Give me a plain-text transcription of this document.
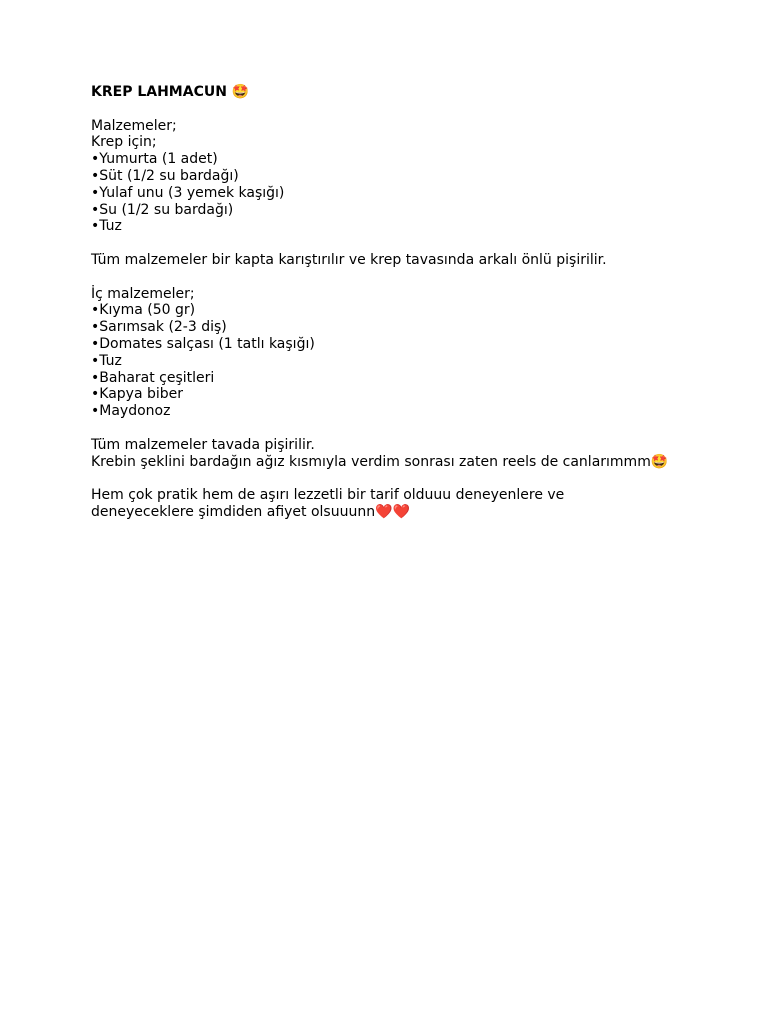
KREP LAHMACUN 🤩
Malzemeler;
Krep için;
•Yumurta (1 adet)
•Süt (1/2 su bardağı)
•Yulaf unu (3 yemek kaşığı)
•Su (1/2 su bardağı)
•Tuz
Tüm malzemeler bir kapta karıştırılır ve krep tavasında arkalı önlü pişirilir.
İç malzemeler;
•Kıyma (50 gr)
•Sarımsak (2-3 diş)
•Domates salçası (1 tatlı kaşığı)
•Tuz
•Baharat çeşitleri
•Kapya biber
•Maydonoz
Tüm malzemeler tavada pişirilir.
Krebin şeklini bardağın ağız kısmıyla verdim sonrası zaten reels de canlarımmm🤩
Hem çok pratik hem de aşırı lezzetli bir tarif olduuu deneyenlere ve
deneyeceklere şimdiden afiyet olsuuunn❤️❤️
